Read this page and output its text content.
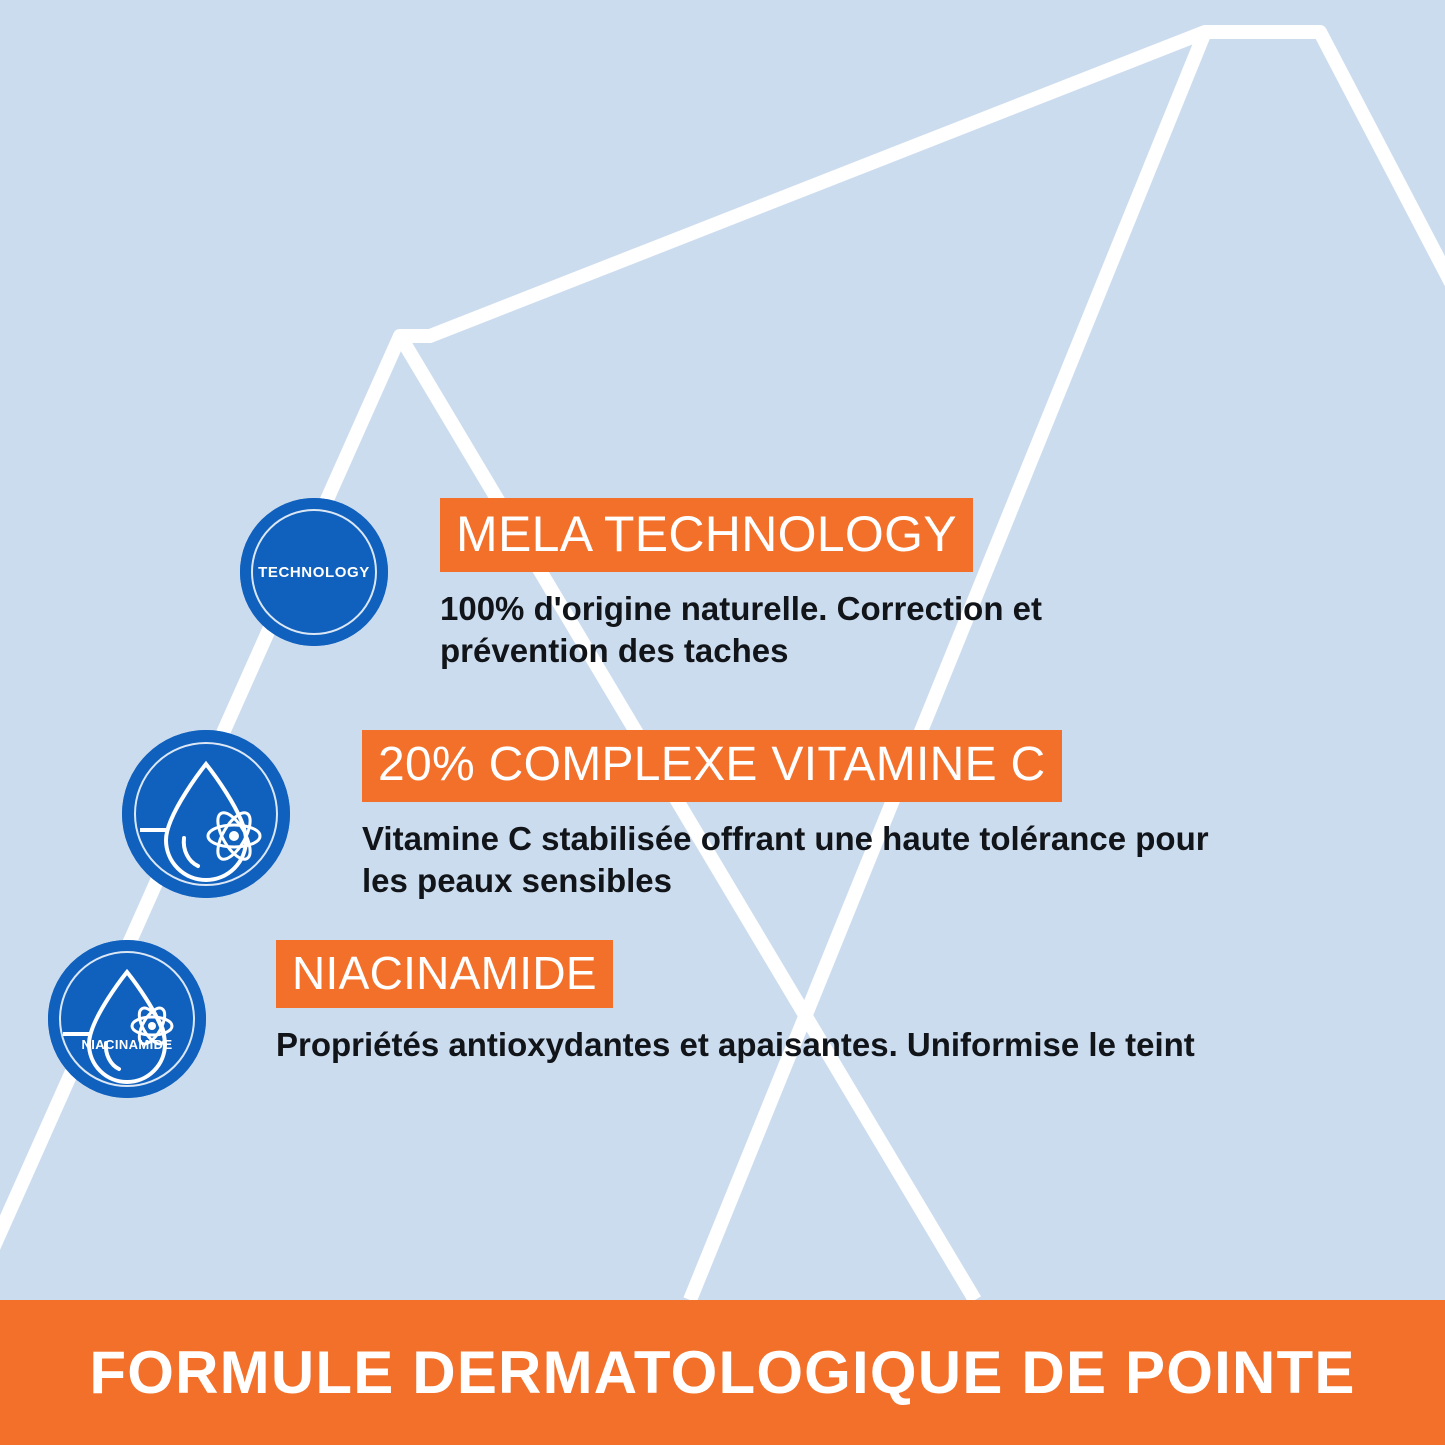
TECHNOLOGY
MELA TECHNOLOGY
100% d'origine naturelle. Correction et prévention des taches
20% COMPLEXE VITAMINE C
Vitamine C stabilisée offrant une haute tolérance pour les peaux sensibles
NIACINAMIDE
NIACINAMIDE
Propriétés antioxydantes et apaisantes. Uniformise le teint
FORMULE DERMATOLOGIQUE DE POINTE
